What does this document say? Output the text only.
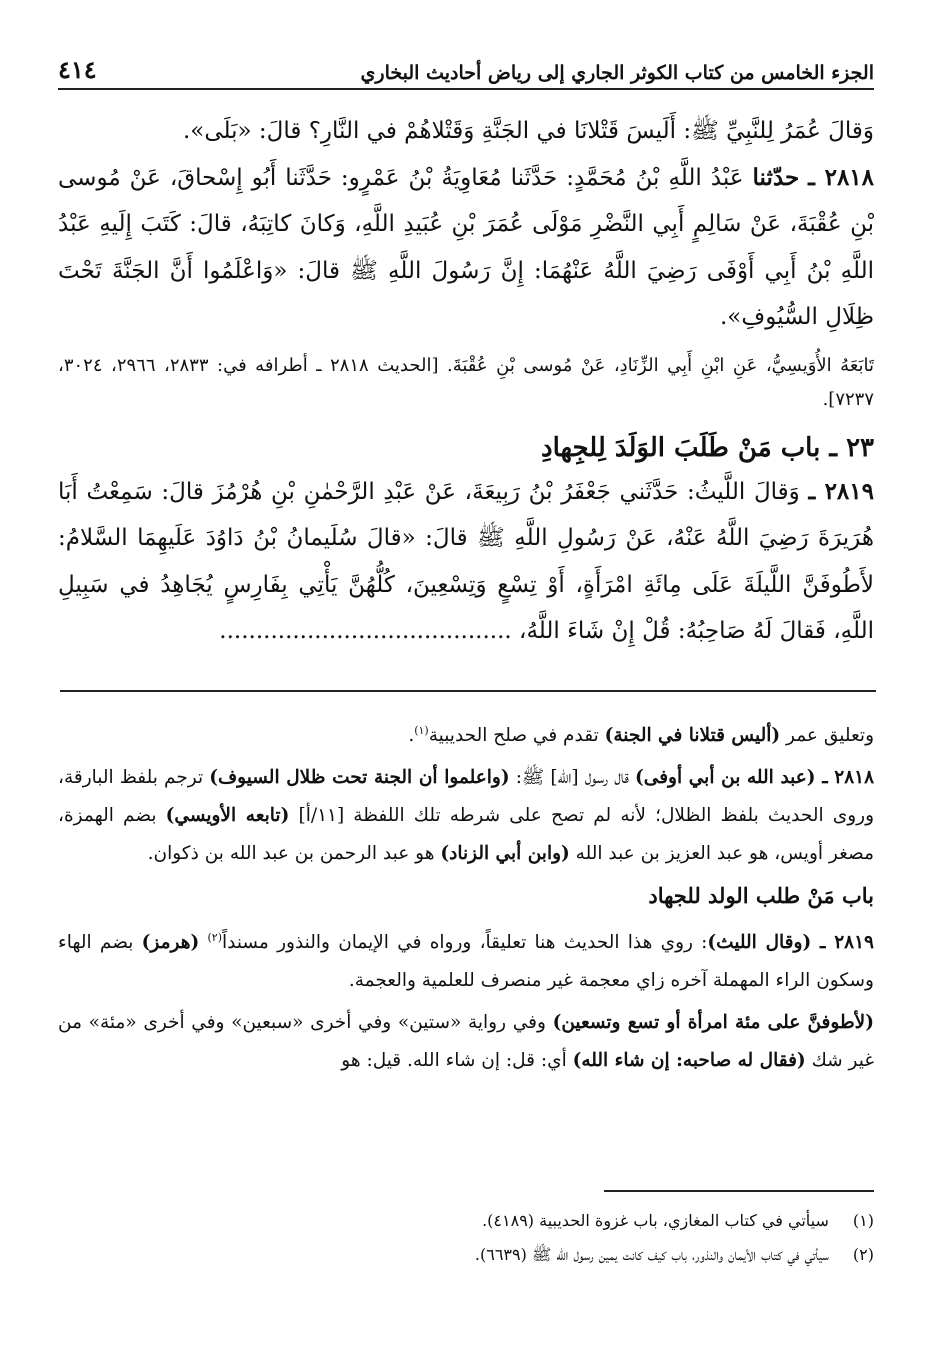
الجزء الخامس من كتاب الكوثر الجاري إلى رياض أحاديث البخاري
٤١٤

وَقالَ عُمَرُ لِلنَّبِيِّ ﷺ: أَلَيسَ قَتْلانَا في الجَنَّةِ وَقَتْلاهُمْ في النَّارِ؟ قالَ: «بَلَى».

٢٨١٨ ـ حدّثنا عَبْدُ اللَّهِ بْنُ مُحَمَّدٍ: حَدَّثَنا مُعَاوِيَةُ بْنُ عَمْرٍو: حَدَّثَنا أَبُو إِسْحاقَ، عَنْ مُوسى بْنِ عُقْبَةَ، عَنْ سَالِمٍ أَبِي النَّضْرِ مَوْلَى عُمَرَ بْنِ عُبَيدِ اللَّهِ، وَكانَ كاتِبَهُ، قالَ: كَتَبَ إِلَيهِ عَبْدُ اللَّهِ بْنُ أَبِي أَوْفَى رَضِيَ اللَّهُ عَنْهُمَا: إِنَّ رَسُولَ اللَّهِ ﷺ قالَ: «وَاعْلَمُوا أَنَّ الجَنَّةَ تَحْتَ ظِلَالِ السُّيُوفِ».

تَابَعَهُ الأُوَيسِيُّ، عَنِ ابْنِ أَبِي الزِّنَادِ، عَنْ مُوسى بْنِ عُقْبَةَ. [الحديث ٢٨١٨ ـ أطرافه في: ٢٨٣٣، ٢٩٦٦، ٣٠٢٤، ٧٢٣٧].

٢٣ ـ باب مَنْ طَلَبَ الوَلَدَ لِلجِهادِ

٢٨١٩ ـ وَقالَ اللَّيثُ: حَدَّثَني جَعْفَرُ بْنُ رَبِيعَةَ، عَنْ عَبْدِ الرَّحْمٰنِ بْنِ هُرْمُزَ قالَ: سَمِعْتُ أَبَا هُرَيرَةَ رَضِيَ اللَّهُ عَنْهُ، عَنْ رَسُولِ اللَّهِ ﷺ قالَ: «قالَ سُلَيمانُ بْنُ دَاوُدَ عَلَيهِمَا السَّلامُ: لأَطُوفَنَّ اللَّيلَةَ عَلَى مِائَةِ امْرَأَةٍ، أَوْ تِسْعٍ وَتِسْعِينَ، كُلُّهُنَّ يَأْتِي بِفَارِسٍ يُجَاهِدُ في سَبِيلِ اللَّهِ، فَقالَ لَهُ صَاحِبُهُ: قُلْ إِنْ شَاءَ اللَّهُ، ........................................

وتعليق عمر (أليس قتلانا في الجنة) تقدم في صلح الحديبية$^{(١)}$.

٢٨١٨ ـ (عبد الله بن أبي أوفى) قال رسول [الله] ﷺ: (واعلموا أن الجنة تحت ظلال السيوف) ترجم بلفظ البارقة، وروى الحديث بلفظ الظلال؛ لأنه لم تصح على شرطه تلك اللفظة [١١/أ] (تابعه الأويسي) بضم الهمزة، مصغر أويس، هو عبد العزيز بن عبد الله (وابن أبي الزناد) هو عبد الرحمن بن عبد الله بن ذكوان.

باب مَنْ طلب الولد للجهاد

٢٨١٩ ـ (وقال الليث): روي هذا الحديث هنا تعليقاً، ورواه في الإيمان والنذور مسنداً$^{(٢)}$ (هرمز) بضم الهاء وسكون الراء المهملة آخره زاي معجمة غير منصرف للعلمية والعجمة.

(لأطوفنَّ على مئة امرأة أو تسع وتسعين) وفي رواية «ستين» وفي أخرى «سبعين» وفي أخرى «مئة» من غير شك (فقال له صاحبه: إن شاء الله) أي: قل: إن شاء الله. قيل: هو

(١) سيأتي في كتاب المغازي، باب غزوة الحديبية (٤١٨٩).

(٢) سيأتي في كتاب الأيمان والنذور، باب كيف كانت يمين رسول الله ﷺ (٦٦٣٩).
